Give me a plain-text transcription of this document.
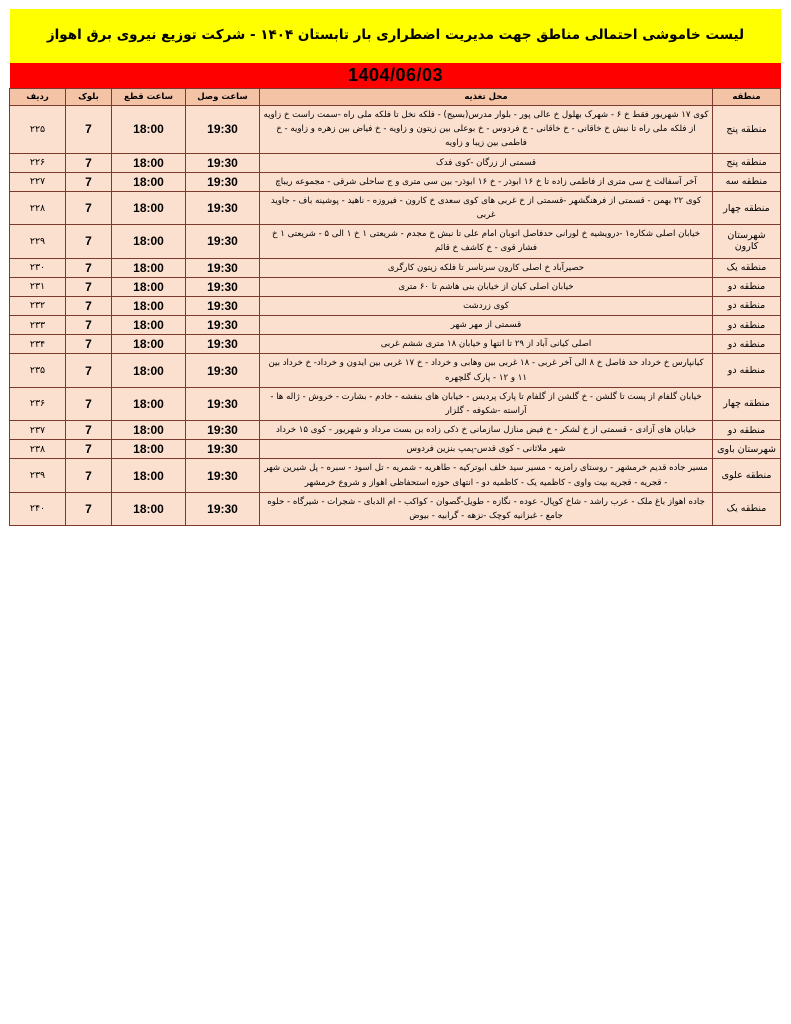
لیست خاموشی احتمالی مناطق جهت مدیریت اضطراری بار تابستان ۱۴۰۴ - شرکت توزیع نیروی برق اهواز
1404/06/03
منطقه	محل تغذیه	ساعت وصل	ساعت قطع	بلوک	ردیف
منطقه پنج	کوی ۱۷ شهریور فقط خ ۶ - شهرک بهلول خ عالی پور - بلوار مدرس(بسیج) - فلکه نخل تا فلکه ملی راه -سمت راست خ زاویه از فلکه ملی راه تا نبش خ خاقانی - خ خاقانی - خ فردوس - خ بوعلی بین زیتون و زاویه - خ فیاض بین زهره و زاویه - خ فاطمی بین زیبا و زاویه	19:30	18:00	7	۲۲۵
منطقه پنج	قسمتی از زرگان -کوی فدک	19:30	18:00	7	۲۲۶
منطقه سه	آخر آسفالت خ سی متری از فاطمی زاده تا خ ۱۶ ابوذر - خ ۱۶ ابوذر- بین سی متری و ج ساحلی شرقی - مجموعه ریباچ	19:30	18:00	7	۲۲۷
منطقه چهار	کوی ۲۲ بهمن - قسمتی از فرهنگشهر -قسمتی از خ غربی های کوی سعدی خ کارون - فیروزه - ناهید - پوشینه باف - جاوید غربی	19:30	18:00	7	۲۲۸
شهرستان کارون	خیابان اصلی شکاره۱ -درویشیه خ لورانی حدفاصل اتوبان امام علی تا نبش خ مجدم - شریعتی ۱ خ ۱ الی ۵ - شریعتی ۱ خ فشار قوی - خ کاشف خ قائم	19:30	18:00	7	۲۲۹
منطقه یک	حصیرآباد خ اصلی کارون سرتاسر تا فلکه زیتون کارگری	19:30	18:00	7	۲۳۰
منطقه دو	خیابان اصلی کیان از خیابان بنی هاشم تا ۶۰ متری	19:30	18:00	7	۲۳۱
منطقه دو	کوی زردشت	19:30	18:00	7	۲۳۲
منطقه دو	قسمتی از مهر شهر	19:30	18:00	7	۲۳۳
منطقه دو	اصلی کیانی آباد از ۲۹ تا انتها و خیابان ۱۸ متری ششم غربی	19:30	18:00	7	۲۳۴
منطقه دو	کیانپارس خ خرداد حد فاصل خ ۸ الی آخر غربی - ۱۸ غربی بین وهابی و خرداد - خ ۱۷ غربی بین ایدون و خرداد- خ خرداد بین ۱۱ و ۱۲ - پارک گلچهره	19:30	18:00	7	۲۳۵
منطقه چهار	خیابان گلفام از پست تا گلشن - خ گلشن از گلفام تا پارک پردیس - خیابان های بنفشه - خادم - بشارت - خروش - ژاله ها - آراسته -شکوفه - گلزار	19:30	18:00	7	۲۳۶
منطقه دو	خیابان های آزادی - قسمتی از خ لشکر - خ فیض منازل سازمانی خ ذکی زاده بن بست مرداد و شهریور - کوی ۱۵ خرداد	19:30	18:00	7	۲۳۷
شهرستان باوی	شهر ملاثانی - کوی قدس-پمپ بنزین فردوس	19:30	18:00	7	۲۳۸
منطقه علوی	مسیر جاده قدیم خرمشهر - روستای رامزیه - مسیر سید خلف ابوترکیه - طاهریه - شمریه - تل اسود - سبره - پل شیرین شهر - قجریه - قجریه بیت واوی - کاظمیه یک - کاظمیه دو - انتهای حوزه استحفاظی اهواز و شروع خرمشهر	19:30	18:00	7	۲۳۹
منطقه یک	جاده اهواز باغ ملک - عرب راشد - شاخ کوپال- عوده - نگازه - طویل-گصوان - کواکب - ام الدبای - شجرات - شیرگاه - حلوه جامع - غبزانیه کوچک -نزهه - گرابیه - بیوض	19:30	18:00	7	۲۴۰
